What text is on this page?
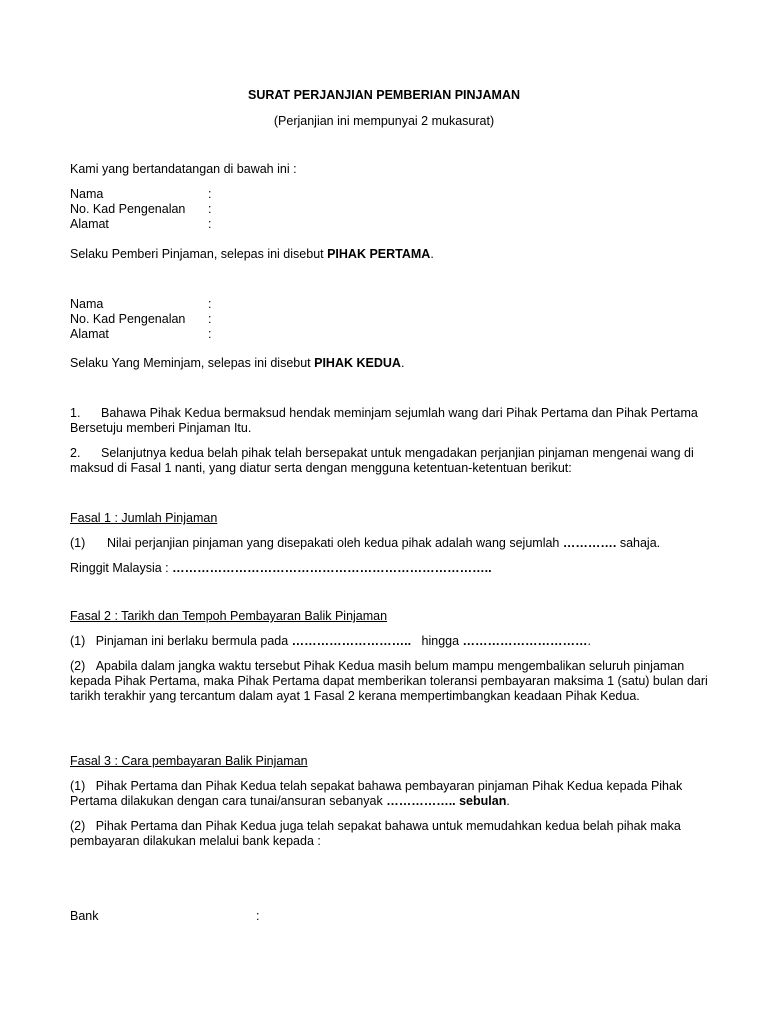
SURAT PERJANJIAN PEMBERIAN PINJAMAN
(Perjanjian ini mempunyai 2 mukasurat)
Kami yang bertandatangan di bawah ini :
Nama	:
No. Kad Pengenalan :
Alamat	:
Selaku Pemberi Pinjaman, selepas ini disebut PIHAK PERTAMA.
Nama	:
No. Kad Pengenalan :
Alamat	:
Selaku Yang Meminjam, selepas ini disebut PIHAK KEDUA.
1. Bahawa Pihak Kedua bermaksud hendak meminjam sejumlah wang dari Pihak Pertama dan Pihak Pertama Bersetuju memberi Pinjaman Itu.
2. Selanjutnya kedua belah pihak telah bersepakat untuk mengadakan perjanjian pinjaman mengenai wang di maksud di Fasal 1 nanti, yang diatur serta dengan mengguna ketentuan-ketentuan berikut:
Fasal 1 : Jumlah Pinjaman
(1) Nilai perjanjian pinjaman yang disepakati oleh kedua pihak adalah wang sejumlah …………. sahaja.
Ringgit Malaysia : …………………………………………………………………..
Fasal 2 : Tarikh dan Tempoh Pembayaran Balik Pinjaman
(1) Pinjaman ini berlaku bermula pada ………………………..   hingga ………………………….
(2) Apabila dalam jangka waktu tersebut Pihak Kedua masih belum mampu mengembalikan seluruh pinjaman kepada Pihak Pertama, maka Pihak Pertama dapat memberikan toleransi pembayaran maksima 1 (satu) bulan dari tarikh terakhir yang tercantum dalam ayat 1 Fasal 2 kerana mempertimbangkan keadaan Pihak Kedua.
Fasal 3 : Cara pembayaran Balik Pinjaman
(1) Pihak Pertama dan Pihak Kedua telah sepakat bahawa pembayaran pinjaman Pihak Kedua kepada Pihak Pertama dilakukan dengan cara tunai/ansuran sebanyak …………….. sebulan.
(2) Pihak Pertama dan Pihak Kedua juga telah sepakat bahawa untuk memudahkan kedua belah pihak maka pembayaran dilakukan melalui bank kepada :
Bank	:
